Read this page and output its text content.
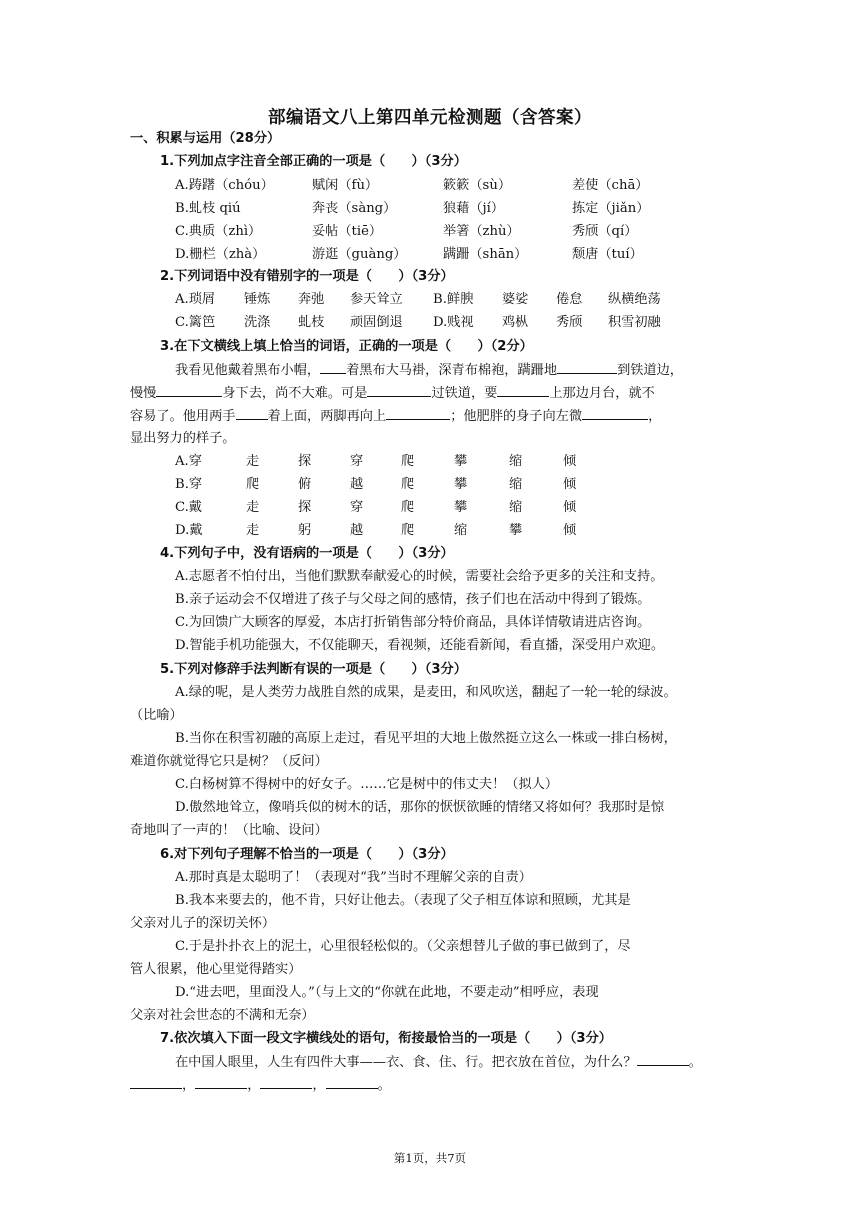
部编语文八上第四单元检测题（含答案）
一、积累与运用（28分）
1.下列加点字注音全部正确的一项是（　　）（3分）
A.踌躇（chóu）	赋闲（fù）	簌簌（sù）	差使（chā）
B.虬枝 qiú	奔丧（sàng）	狼藉（jí）	拣定（jiǎn）
C.典质（zhì）	妥帖（tiē）	举箸（zhù）	秀颀（qí）
D.栅栏（zhà）	游逛（guàng）	蹒跚（shān）	颓唐（tuí）
2.下列词语中没有错别字的一项是（　　）（3分）
A.琐屑 锤炼 奔弛 参天耸立 B.鲜腴 婆娑 倦怠 纵横绝荡
C.篱笆 洗涤 虬枝 顽固倒退 D.贱视 鸡枞 秀颀 积雪初融
3.在下文横线上填上恰当的词语，正确的一项是（　　）（2分）
我看见他戴着黑布小帽， 着黑布大马褂，深青布棉袍，蹒跚地	到铁道边，
慢慢	身下去，尚不大难。可是	过铁道，要	上那边月台，就不
容易了。他用两手 着上面，两脚再向上	；他肥胖的身子向左微	，
显出努力的样子。
A.穿	走	探	穿	爬	攀	缩	倾
B.穿	爬	俯	越	爬	攀	缩	倾
C.戴	走	探	穿	爬	攀	缩	倾
D.戴	走	躬	越	爬	缩	攀	倾
4.下列句子中，没有语病的一项是（　　）（3分）
A.志愿者不怕付出，当他们默默奉献爱心的时候，需要社会给予更多的关注和支持。
B.亲子运动会不仅增进了孩子与父母之间的感情，孩子们也在活动中得到了锻炼。
C.为回馈广大顾客的厚爱，本店打折销售部分特价商品，具体详情敬请进店咨询。
D.智能手机功能强大，不仅能聊天，看视频，还能看新闻，看直播，深受用户欢迎。
5.下列对修辞手法判断有误的一项是（　　）（3分）
A.绿的呢，是人类劳力战胜自然的成果，是麦田，和风吹送，翻起了一轮一轮的绿波。
（比喻）
B.当你在积雪初融的高原上走过，看见平坦的大地上傲然挺立这么一株或一排白杨树，
难道你就觉得它只是树？（反问）
C.白杨树算不得树中的好女子。……它是树中的伟丈夫！（拟人）
D.傲然地耸立，像哨兵似的树木的话，那你的恹恹欲睡的情绪又将如何？我那时是惊
奇地叫了一声的！（比喻、设问）
6.对下列句子理解不恰当的一项是（　　）（3分）
A.那时真是太聪明了！（表现对“我”当时不理解父亲的自责）
B.我本来要去的，他不肯，只好让他去。（表现了父子相互体谅和照顾，尤其是
父亲对儿子的深切关怀）
C.于是扑扑衣上的泥土，心里很轻松似的。（父亲想替儿子做的事已做到了，尽
管人很累，他心里觉得踏实）
D.“进去吧，里面没人。”（与上文的“你就在此地，不要走动”相呼应，表现
父亲对社会世态的不满和无奈）
7.依次填入下面一段文字横线处的语句，衔接最恰当的一项是（　　）（3分）
在中国人眼里，人生有四件大事——衣、食、住、行。把衣放在首位，为什么？	。
，	，	，	。
第1页，共7页
